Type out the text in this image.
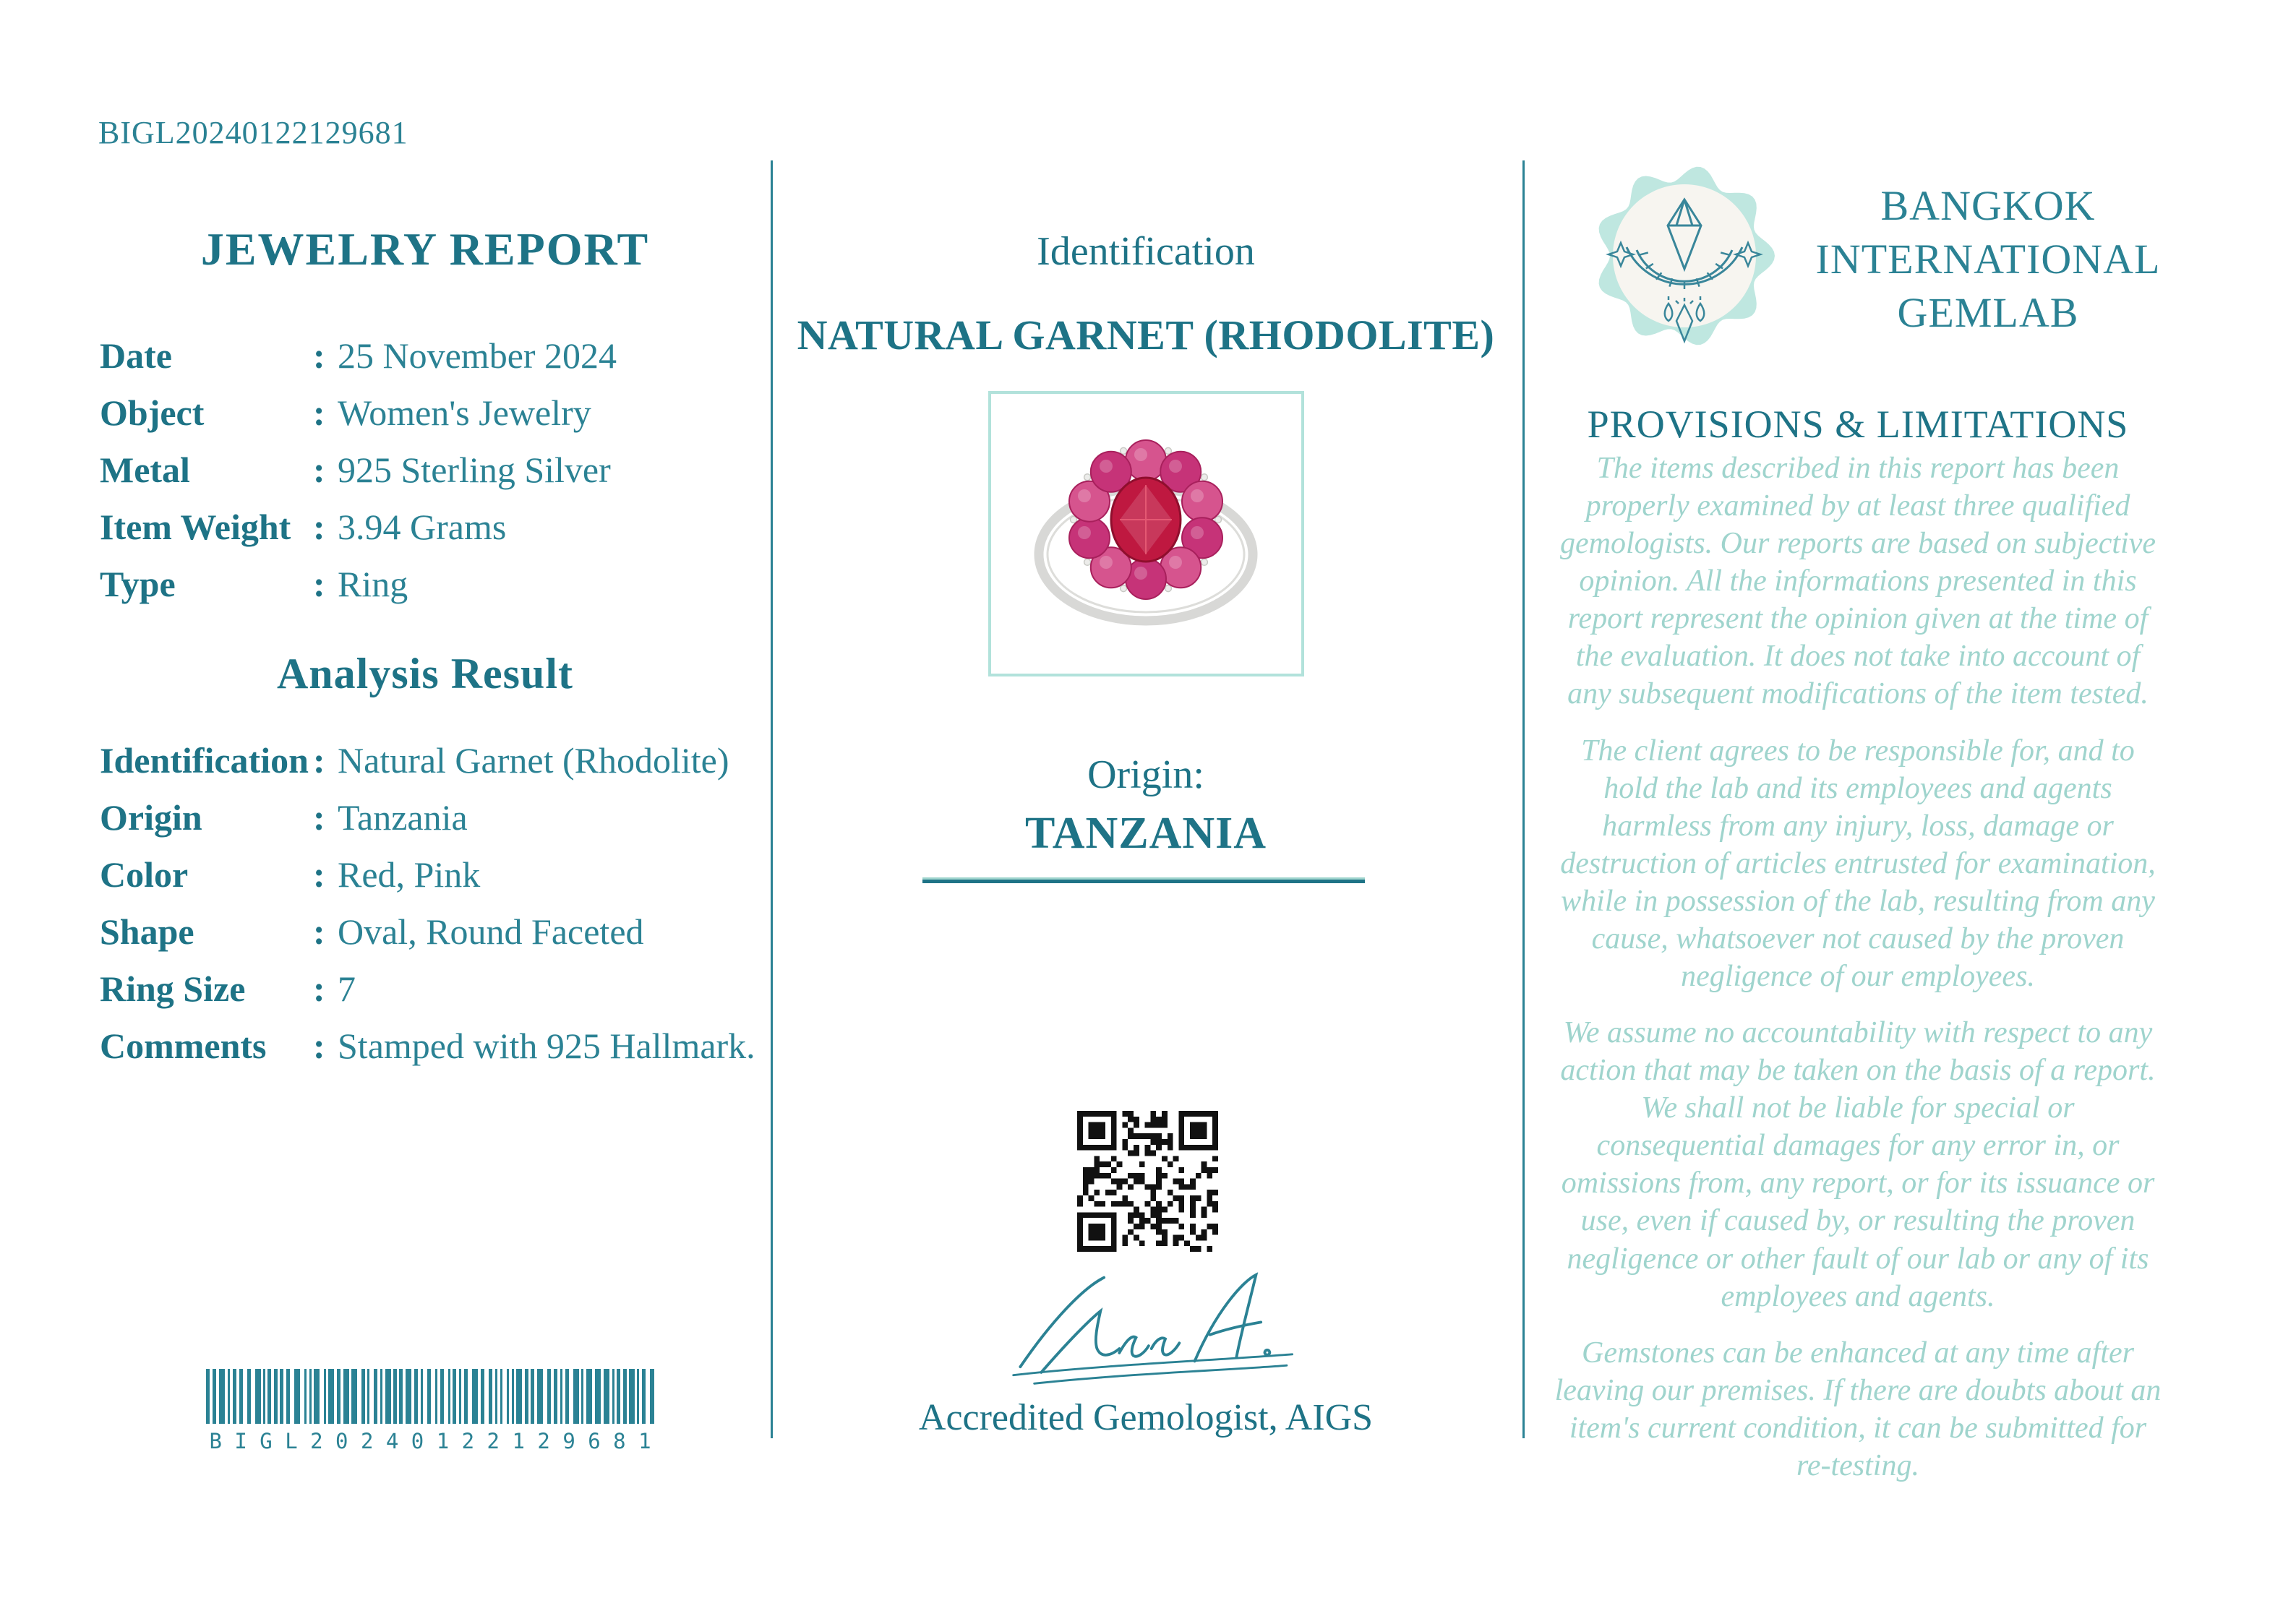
BIGL20240122129681
JEWELRY REPORT
Date	: 25 November 2024
Object	: Women's Jewelry
Metal	: 925 Sterling Silver
Item Weight : 3.94 Grams
Type	: Ring
Analysis Result
Identification : Natural Garnet (Rhodolite)
Origin	: Tanzania
Color	: Red, Pink
Shape	: Oval, Round Faceted
Ring Size	: 7
Comments	: Stamped with 925 Hallmark.
B I G L 2 0 2 4 0 1 2 2 1 2 9 6 8 1
Identification
NATURAL GARNET (RHODOLITE)
Origin:
TANZANIA
Accredited Gemologist, AIGS
BANGKOK
INTERNATIONAL
GEMLAB
PROVISIONS & LIMITATIONS

The items described in this report has been properly examined by at least three qualified gemologists. Our reports are based on subjective opinion. All the informations presented in this report represent the opinion given at the time of the evaluation. It does not take into account of any subsequent modifications of the item tested.

The client agrees to be responsible for, and to hold the lab and its employees and agents harmless from any injury, loss, damage or destruction of articles entrusted for examination, while in possession of the lab, resulting from any cause, whatsoever not caused by the proven negligence of our employees.

We assume no accountability with respect to any action that may be taken on the basis of a report. We shall not be liable for special or consequential damages for any error in, or omissions from, any report, or for its issuance or use, even if caused by, or resulting the proven negligence or other fault of our lab or any of its employees and agents.

Gemstones can be enhanced at any time after leaving our premises. If there are doubts about an item's current condition, it can be submitted for re-testing.
